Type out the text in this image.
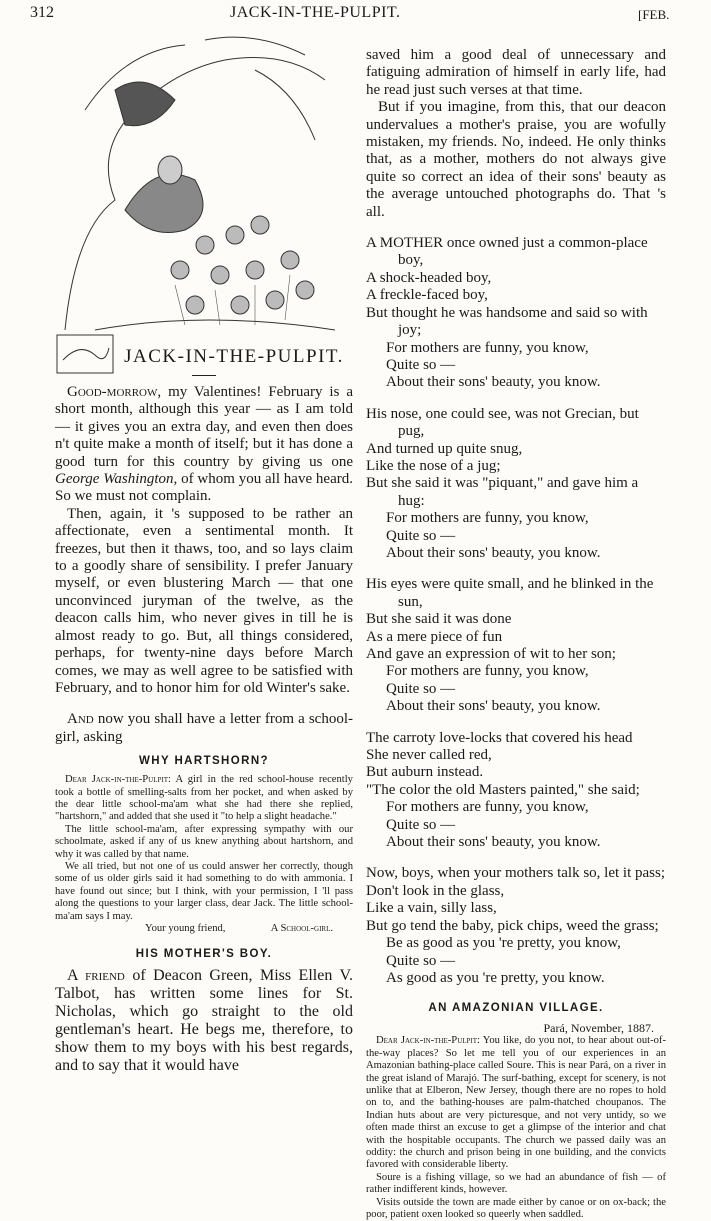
312	JACK-IN-THE-PULPIT.	[FEB.
JACK-IN-THE-PULPIT.

Good-morrow, my Valentines! February is a short month, although this year — as I am told — it gives you an extra day, and even then does n't quite make a month of itself; but it has done a good turn for this country by giving us one George Washington, of whom you all have heard. So we must not complain.

Then, again, it 's supposed to be rather an affectionate, even a sentimental month. It freezes, but then it thaws, too, and so lays claim to a goodly share of sensibility. I prefer January myself, or even blustering March — that one unconvinced juryman of the twelve, as the deacon calls him, who never gives in till he is almost ready to go. But, all things considered, perhaps, for twenty-nine days before March comes, we may as well agree to be satisfied with February, and to honor him for old Winter's sake.

And now you shall have a letter from a school-girl, asking

WHY HARTSHORN?

Dear Jack-in-the-Pulpit: A girl in the red school-house recently took a bottle of smelling-salts from her pocket, and when asked by the dear little school-ma'am what she had there she replied, "hartshorn," and added that she used it "to help a slight headache."

The little school-ma'am, after expressing sympathy with our schoolmate, asked if any of us knew anything about hartshorn, and why it was called by that name.

We all tried, but not one of us could answer her correctly, though some of us older girls said it had something to do with ammonia. I have found out since; but I think, with your permission, I 'll pass along the questions to your larger class, dear Jack. The little school-ma'am says I may.

Your young friend,	A School-girl.
HIS MOTHER'S BOY.

A friend of Deacon Green, Miss Ellen V. Talbot, has written some lines for St. Nicholas, which go straight to the old gentleman's heart. He begs me, therefore, to show them to my boys with his best regards, and to say that it would have

saved him a good deal of unnecessary and fatiguing admiration of himself in early life, had he read just such verses at that time.

But if you imagine, from this, that our deacon undervalues a mother's praise, you are wofully mistaken, my friends. No, indeed. He only thinks that, as a mother, mothers do not always give quite so correct an idea of their sons' beauty as the average untouched photographs do. That 's all.

A MOTHER once owned just a common-place boy,
A shock-headed boy,
A freckle-faced boy,
But thought he was handsome and said so with
joy;
For mothers are funny, you know,
Quite so —
About their sons' beauty, you know.
His nose, one could see, was not Grecian, but
pug,
And turned up quite snug,
Like the nose of a jug;
But she said it was "piquant," and gave him a hug:
For mothers are funny, you know,
Quite so —
About their sons' beauty, you know.
His eyes were quite small, and he blinked in the
sun,
But she said it was done
As a mere piece of fun
And gave an expression of wit to her son;
For mothers are funny, you know,
Quite so —
About their sons' beauty, you know.
The carroty love-locks that covered his head
She never called red,
But auburn instead.
"The color the old Masters painted," she said;
For mothers are funny, you know,
Quite so —
About their sons' beauty, you know.
Now, boys, when your mothers talk so, let it pass;
Don't look in the glass,
Like a vain, silly lass,
But go tend the baby, pick chips, weed the grass;
Be as good as you 're pretty, you know,
Quite so —
As good as you 're pretty, you know.
AN AMAZONIAN VILLAGE.
Pará, November, 1887.

Dear Jack-in-the-Pulpit: You like, do you not, to hear about out-of-the-way places? So let me tell you of our experiences in an Amazonian bathing-place called Soure. This is near Pará, on a river in the great island of Marajó. The surf-bathing, except for scenery, is not unlike that at Elberon, New Jersey, though there are no ropes to hold on to, and the bathing-houses are palm-thatched choupanos. The Indian huts about are very picturesque, and not very untidy, so we often made thirst an excuse to get a glimpse of the interior and chat with the hospitable occupants. The church we passed daily was an oddity: the church and prison being in one building, and the convicts favored with considerable liberty.

Soure is a fishing village, so we had an abundance of fish — of rather indifferent kinds, however.

Visits outside the town are made either by canoe or on ox-back; the poor, patient oxen looked so queerly when saddled.
